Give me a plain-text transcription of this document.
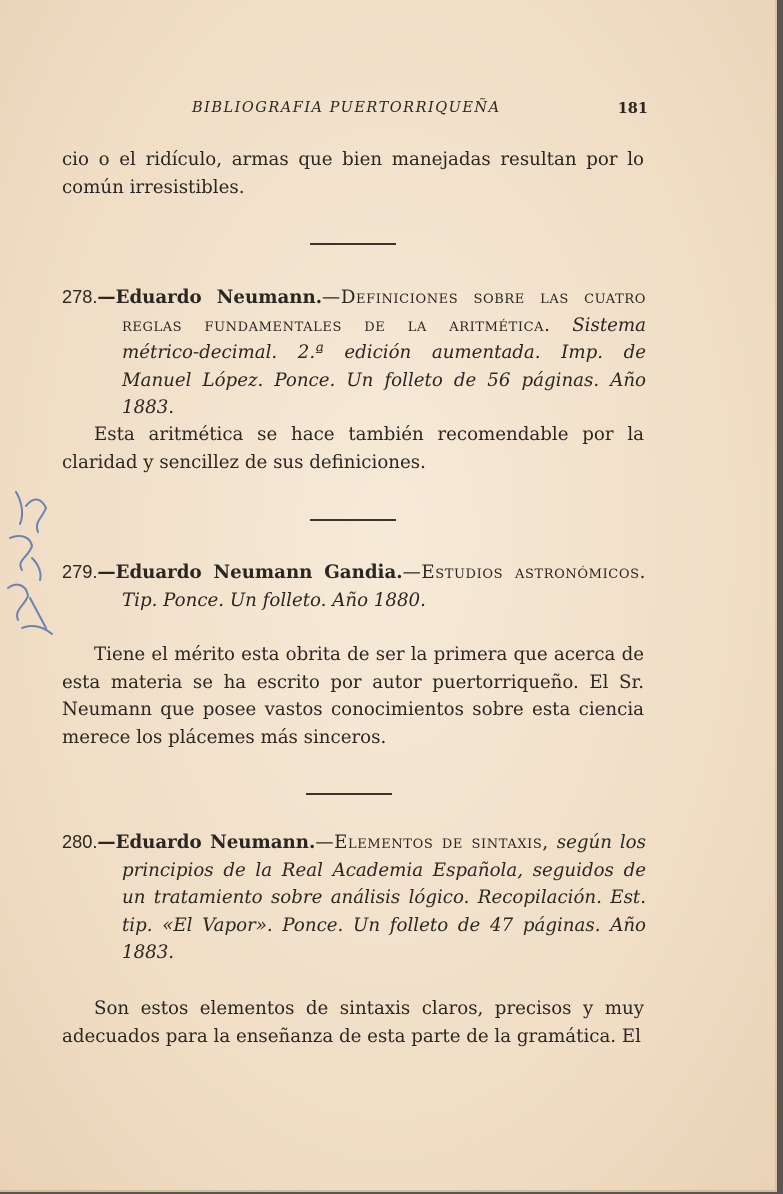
BIBLIOGRAFIA PUERTORRIQUEÑA	181
cio o el ridículo, armas que bien manejadas resultan por lo común irresistibles.
278.—Eduardo Neumann.—Definiciones sobre las cuatro reglas fundamentales de la aritmética. Sistema métrico-decimal. 2.ª edición aumentada. Imp. de Manuel López. Ponce. Un folleto de 56 páginas. Año 1883.
Esta aritmética se hace también recomendable por la claridad y sencillez de sus definiciones.
279.—Eduardo Neumann Gandia.—Estudios astronómicos. Tip. Ponce. Un folleto. Año 1880.
Tiene el mérito esta obrita de ser la primera que acerca de esta materia se ha escrito por autor puertorriqueño. El Sr. Neumann que posee vastos conocimientos sobre esta ciencia merece los plácemes más sinceros.
280.—Eduardo Neumann.—Elementos de sintaxis, según los principios de la Real Academia Española, seguidos de un tratamiento sobre análisis lógico. Recopilación. Est. tip. «El Vapor». Ponce. Un folleto de 47 páginas. Año 1883.
Son estos elementos de sintaxis claros, precisos y muy adecuados para la enseñanza de esta parte de la gramática. El
